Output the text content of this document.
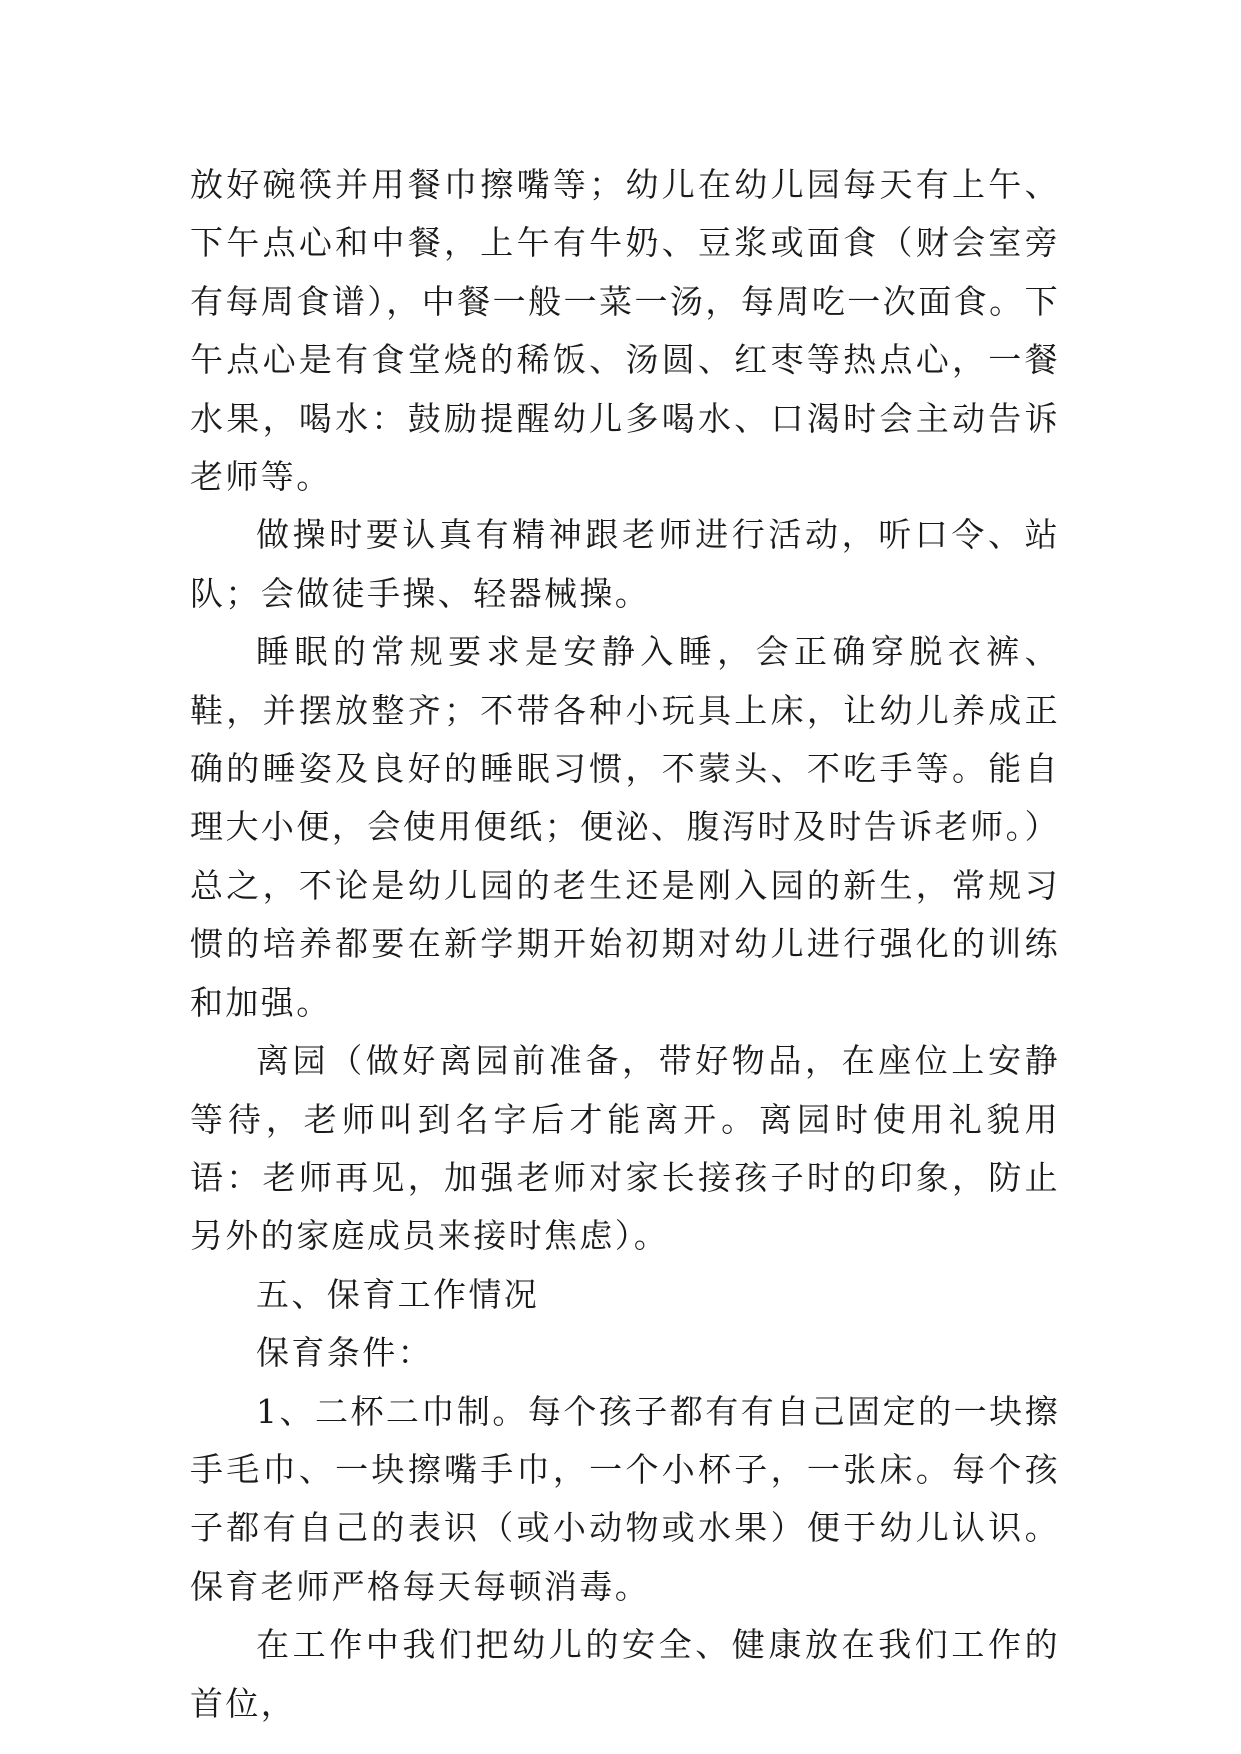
放好碗筷并用餐巾擦嘴等；幼儿在幼儿园每天有上午、下午点心和中餐，上午有牛奶、豆浆或面食（财会室旁有每周食谱），中餐一般一菜一汤，每周吃一次面食。下午点心是有食堂烧的稀饭、汤圆、红枣等热点心，一餐水果，喝水：鼓励提醒幼儿多喝水、口渴时会主动告诉老师等。

做操时要认真有精神跟老师进行活动，听口令、站队；会做徒手操、轻器械操。

睡眠的常规要求是安静入睡，会正确穿脱衣裤、鞋，并摆放整齐；不带各种小玩具上床，让幼儿养成正确的睡姿及良好的睡眠习惯，不蒙头、不吃手等。能自理大小便，会使用便纸；便泌、腹泻时及时告诉老师。）总之，不论是幼儿园的老生还是刚入园的新生，常规习惯的培养都要在新学期开始初期对幼儿进行强化的训练和加强。

离园（做好离园前准备，带好物品，在座位上安静等待，老师叫到名字后才能离开。离园时使用礼貌用语：老师再见，加强老师对家长接孩子时的印象，防止另外的家庭成员来接时焦虑）。

五、保育工作情况

保育条件：

1、二杯二巾制。每个孩子都有有自己固定的一块擦手毛巾、一块擦嘴手巾，一个小杯子，一张床。每个孩子都有自己的表识（或小动物或水果）便于幼儿认识。保育老师严格每天每顿消毒。

在工作中我们把幼儿的安全、健康放在我们工作的首位，
